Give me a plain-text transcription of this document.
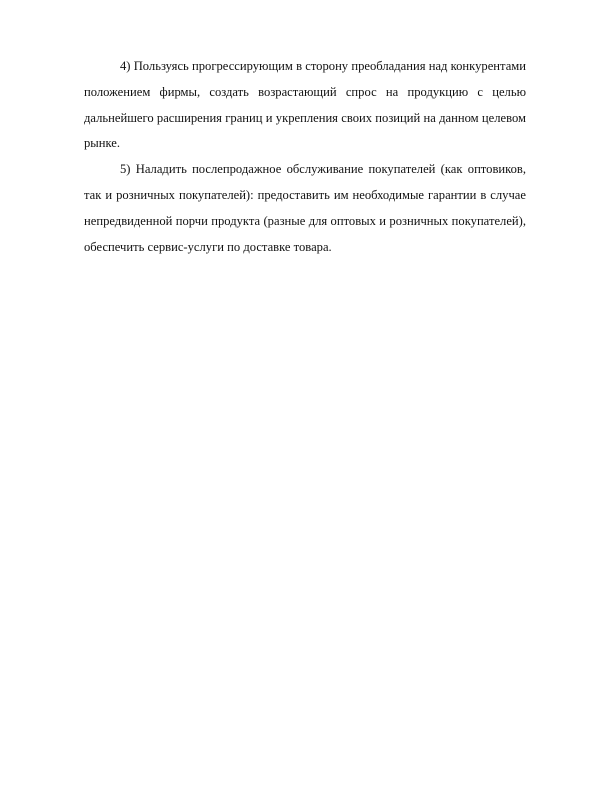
4) Пользуясь прогрессирующим в сторону преобладания над конкурентами положением фирмы, создать возрастающий спрос на продукцию с целью дальнейшего расширения границ и укрепления своих позиций на данном целевом рынке.

5) Наладить послепродажное обслуживание покупателей (как оптовиков, так и розничных покупателей): предоставить им необходимые гарантии в случае непредвиденной порчи продукта (разные для оптовых и розничных покупателей), обеспечить сервис-услуги по доставке товара.
